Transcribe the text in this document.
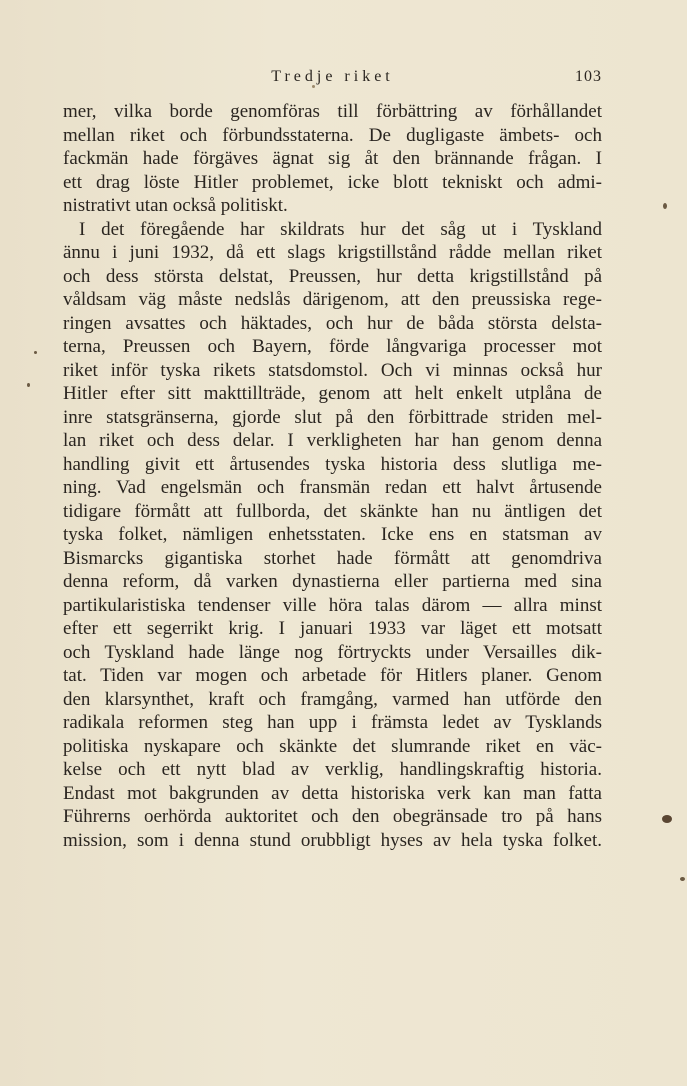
Tredje riket	103
mer, vilka borde genomföras till förbättring av förhållandet
mellan riket och förbundsstaterna. De dugligaste ämbets- och
fackmän hade förgäves ägnat sig åt den brännande frågan. I
ett drag löste Hitler problemet, icke blott tekniskt och admi-
nistrativt utan också politiskt.
I det föregående har skildrats hur det såg ut i Tyskland
ännu i juni 1932, då ett slags krigstillstånd rådde mellan riket
och dess största delstat, Preussen, hur detta krigstillstånd på
våldsam väg måste nedslås därigenom, att den preussiska rege-
ringen avsattes och häktades, och hur de båda största delsta-
terna, Preussen och Bayern, förde långvariga processer mot
riket inför tyska rikets statsdomstol. Och vi minnas också hur
Hitler efter sitt makttillträde, genom att helt enkelt utplåna de
inre statsgränserna, gjorde slut på den förbittrade striden mel-
lan riket och dess delar. I verkligheten har han genom denna
handling givit ett årtusendes tyska historia dess slutliga me-
ning. Vad engelsmän och fransmän redan ett halvt årtusende
tidigare förmått att fullborda, det skänkte han nu äntligen det
tyska folket, nämligen enhetsstaten. Icke ens en statsman av
Bismarcks gigantiska storhet hade förmått att genomdriva
denna reform, då varken dynastierna eller partierna med sina
partikularistiska tendenser ville höra talas därom — allra minst
efter ett segerrikt krig. I januari 1933 var läget ett motsatt
och Tyskland hade länge nog förtryckts under Versailles dik-
tat. Tiden var mogen och arbetade för Hitlers planer. Genom
den klarsynthet, kraft och framgång, varmed han utförde den
radikala reformen steg han upp i främsta ledet av Tysklands
politiska nyskapare och skänkte det slumrande riket en väc-
kelse och ett nytt blad av verklig, handlingskraftig historia.
Endast mot bakgrunden av detta historiska verk kan man fatta
Führerns oerhörda auktoritet och den obegränsade tro på hans
mission, som i denna stund orubbligt hyses av hela tyska folket.
